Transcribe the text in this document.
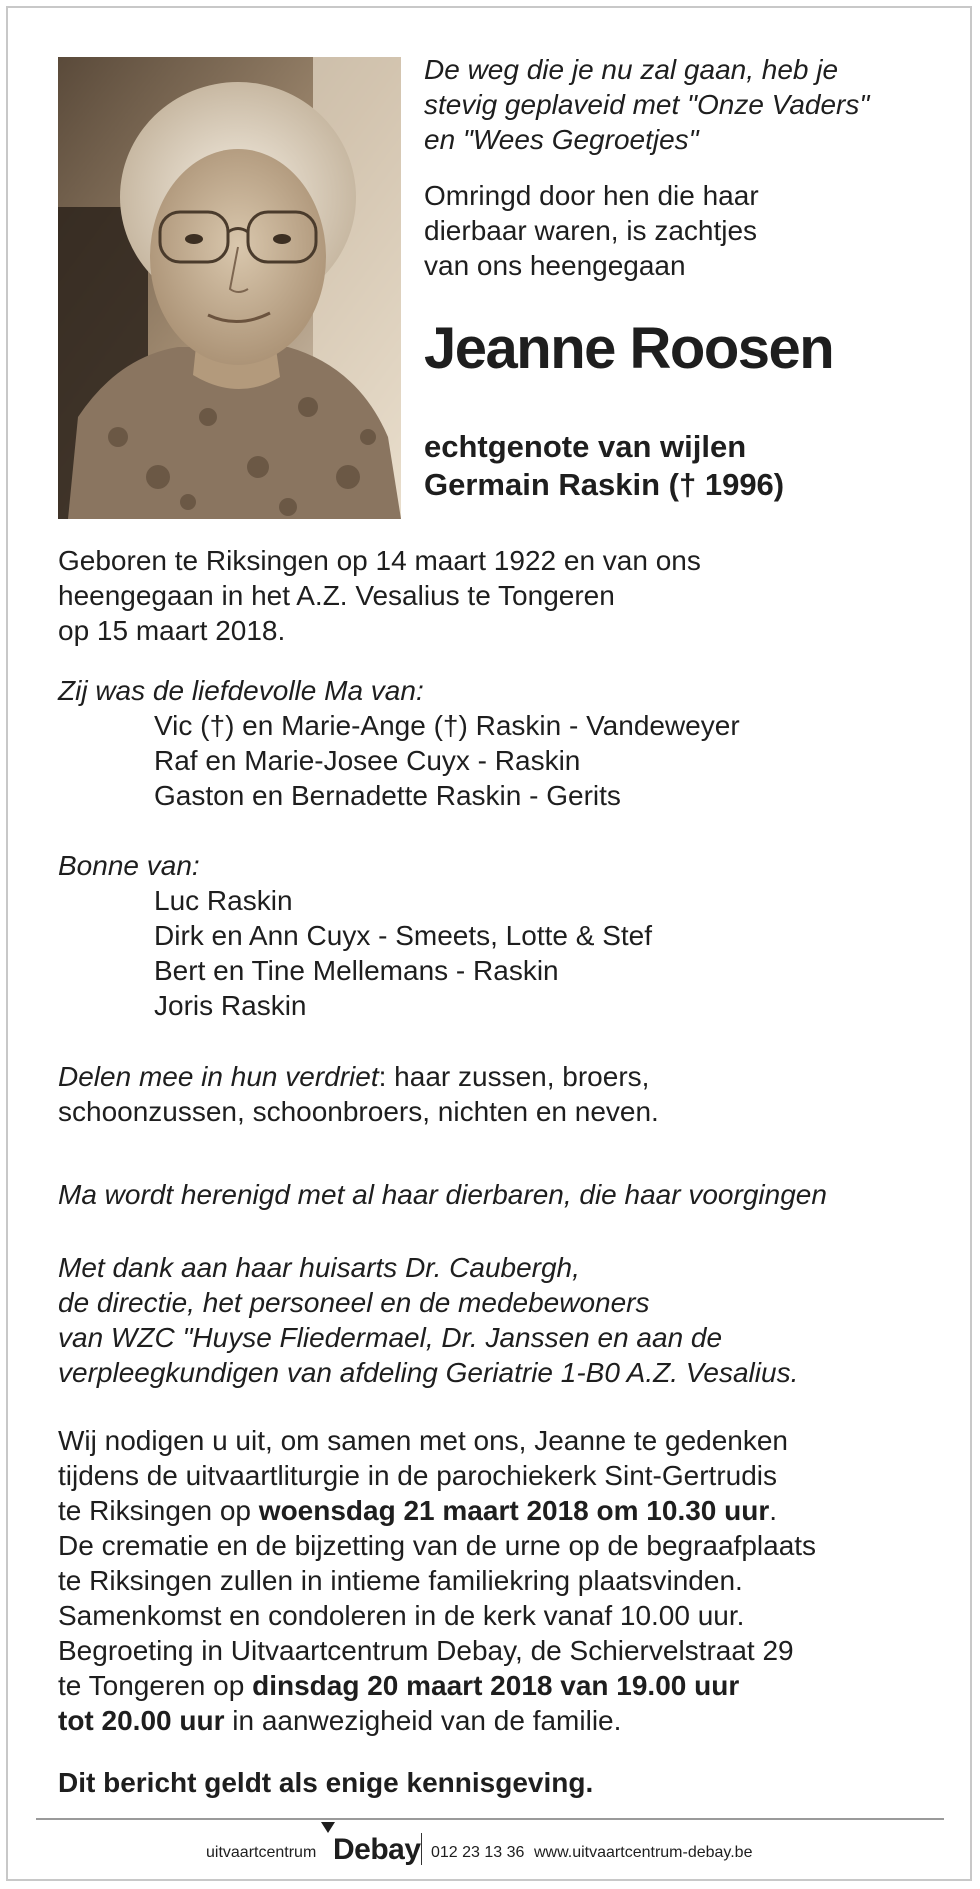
De weg die je nu zal gaan, heb je
stevig geplaveid met "Onze Vaders"
en "Wees Gegroetjes"
Omringd door hen die haar
dierbaar waren, is zachtjes
van ons heengegaan
Jeanne Roosen
echtgenote van wijlen
Germain Raskin († 1996)
Geboren te Riksingen op 14 maart 1922 en van ons
heengegaan in het A.Z. Vesalius te Tongeren
op 15 maart 2018.
Zij was de liefdevolle Ma van:
Vic (†) en Marie-Ange (†) Raskin - Vandeweyer
Raf en Marie-Josee Cuyx - Raskin
Gaston en Bernadette Raskin - Gerits
Bonne van:
Luc Raskin
Dirk en Ann Cuyx - Smeets, Lotte & Stef
Bert en Tine Mellemans - Raskin
Joris Raskin
Delen mee in hun verdriet: haar zussen, broers,
schoonzussen, schoonbroers, nichten en neven.
Ma wordt herenigd met al haar dierbaren, die haar voorgingen
Met dank aan haar huisarts Dr. Caubergh,
de directie, het personeel en de medebewoners
van WZC "Huyse Fliedermael, Dr. Janssen en aan de
verpleegkundigen van afdeling Geriatrie 1-B0 A.Z. Vesalius.
Wij nodigen u uit, om samen met ons, Jeanne te gedenken
tijdens de uitvaartliturgie in de parochiekerk Sint-Gertrudis
te Riksingen op woensdag 21 maart 2018 om 10.30 uur.
De crematie en de bijzetting van de urne op de begraafplaats
te Riksingen zullen in intieme familiekring plaatsvinden.
Samenkomst en condoleren in de kerk vanaf 10.00 uur.
Begroeting in Uitvaartcentrum Debay, de Schiervelstraat 29
te Tongeren op dinsdag 20 maart 2018 van 19.00 uur
tot 20.00 uur in aanwezigheid van de familie.
Dit bericht geldt als enige kennisgeving.
uitvaartcentrum Debay 012 23 13 36 www.uitvaartcentrum-debay.be
